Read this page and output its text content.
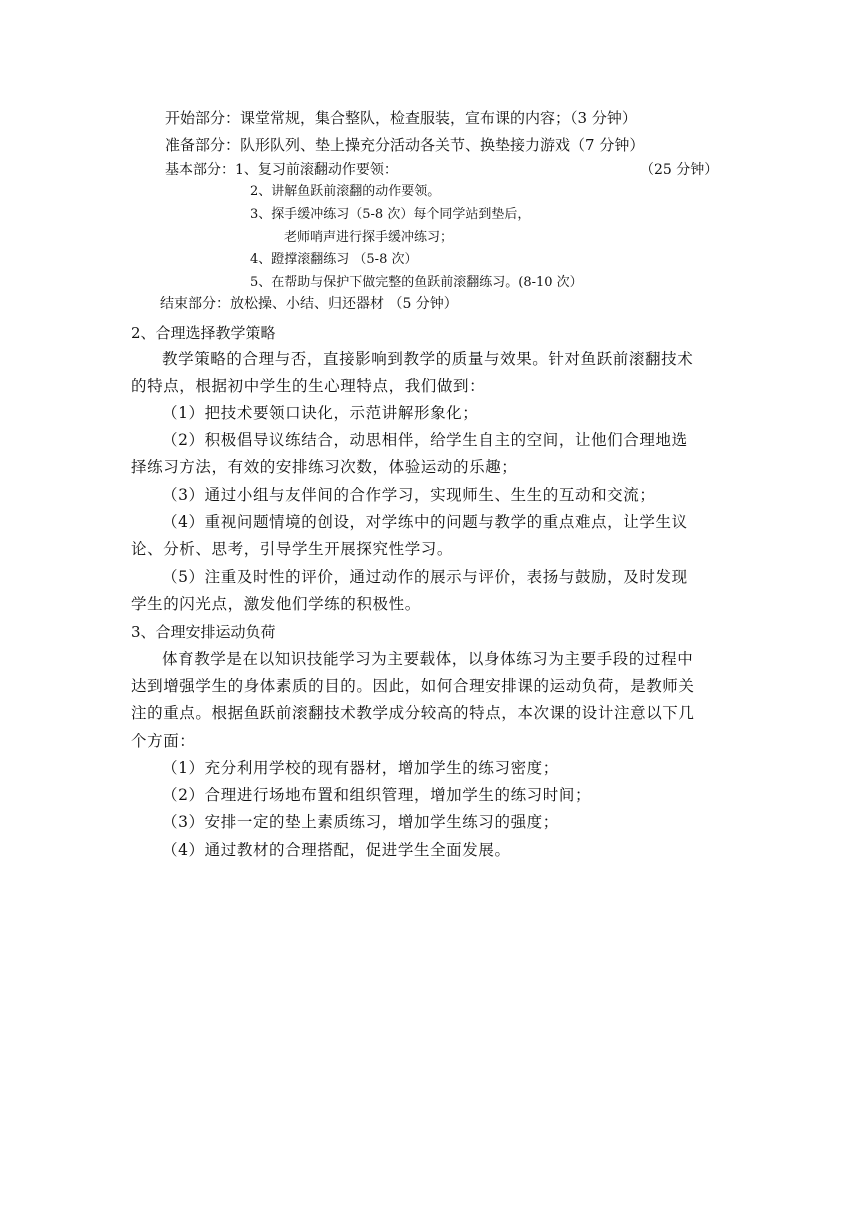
开始部分：课堂常规，集合整队，检查服装，宣布课的内容；（3 分钟）
准备部分：队形队列、垫上操充分活动各关节、换垫接力游戏（7 分钟）
基本部分：1、复习前滚翻动作要领：	（25 分钟）
2、讲解鱼跃前滚翻的动作要领。
3、探手缓冲练习（5-8 次）每个同学站到垫后，
老师哨声进行探手缓冲练习；
4、蹬撑滚翻练习 （5-8 次）
5、在帮助与保护下做完整的鱼跃前滚翻练习。(8-10 次）
结束部分：放松操、小结、归还器材 （5 分钟）
2、合理选择教学策略
教学策略的合理与否，直接影响到教学的质量与效果。针对鱼跃前滚翻技术
的特点，根据初中学生的生心理特点，我们做到：
（1）把技术要领口诀化，示范讲解形象化；
（2）积极倡导议练结合，动思相伴，给学生自主的空间，让他们合理地选
择练习方法，有效的安排练习次数，体验运动的乐趣；
（3）通过小组与友伴间的合作学习，实现师生、生生的互动和交流；
（4）重视问题情境的创设，对学练中的问题与教学的重点难点，让学生议
论、分析、思考，引导学生开展探究性学习。
（5）注重及时性的评价，通过动作的展示与评价，表扬与鼓励，及时发现
学生的闪光点，激发他们学练的积极性。
3、合理安排运动负荷
体育教学是在以知识技能学习为主要载体，以身体练习为主要手段的过程中
达到增强学生的身体素质的目的。因此，如何合理安排课的运动负荷，是教师关
注的重点。根据鱼跃前滚翻技术教学成分较高的特点，本次课的设计注意以下几
个方面：
（1）充分利用学校的现有器材，增加学生的练习密度；
（2）合理进行场地布置和组织管理，增加学生的练习时间；
（3）安排一定的垫上素质练习，增加学生练习的强度；
（4）通过教材的合理搭配，促进学生全面发展。
